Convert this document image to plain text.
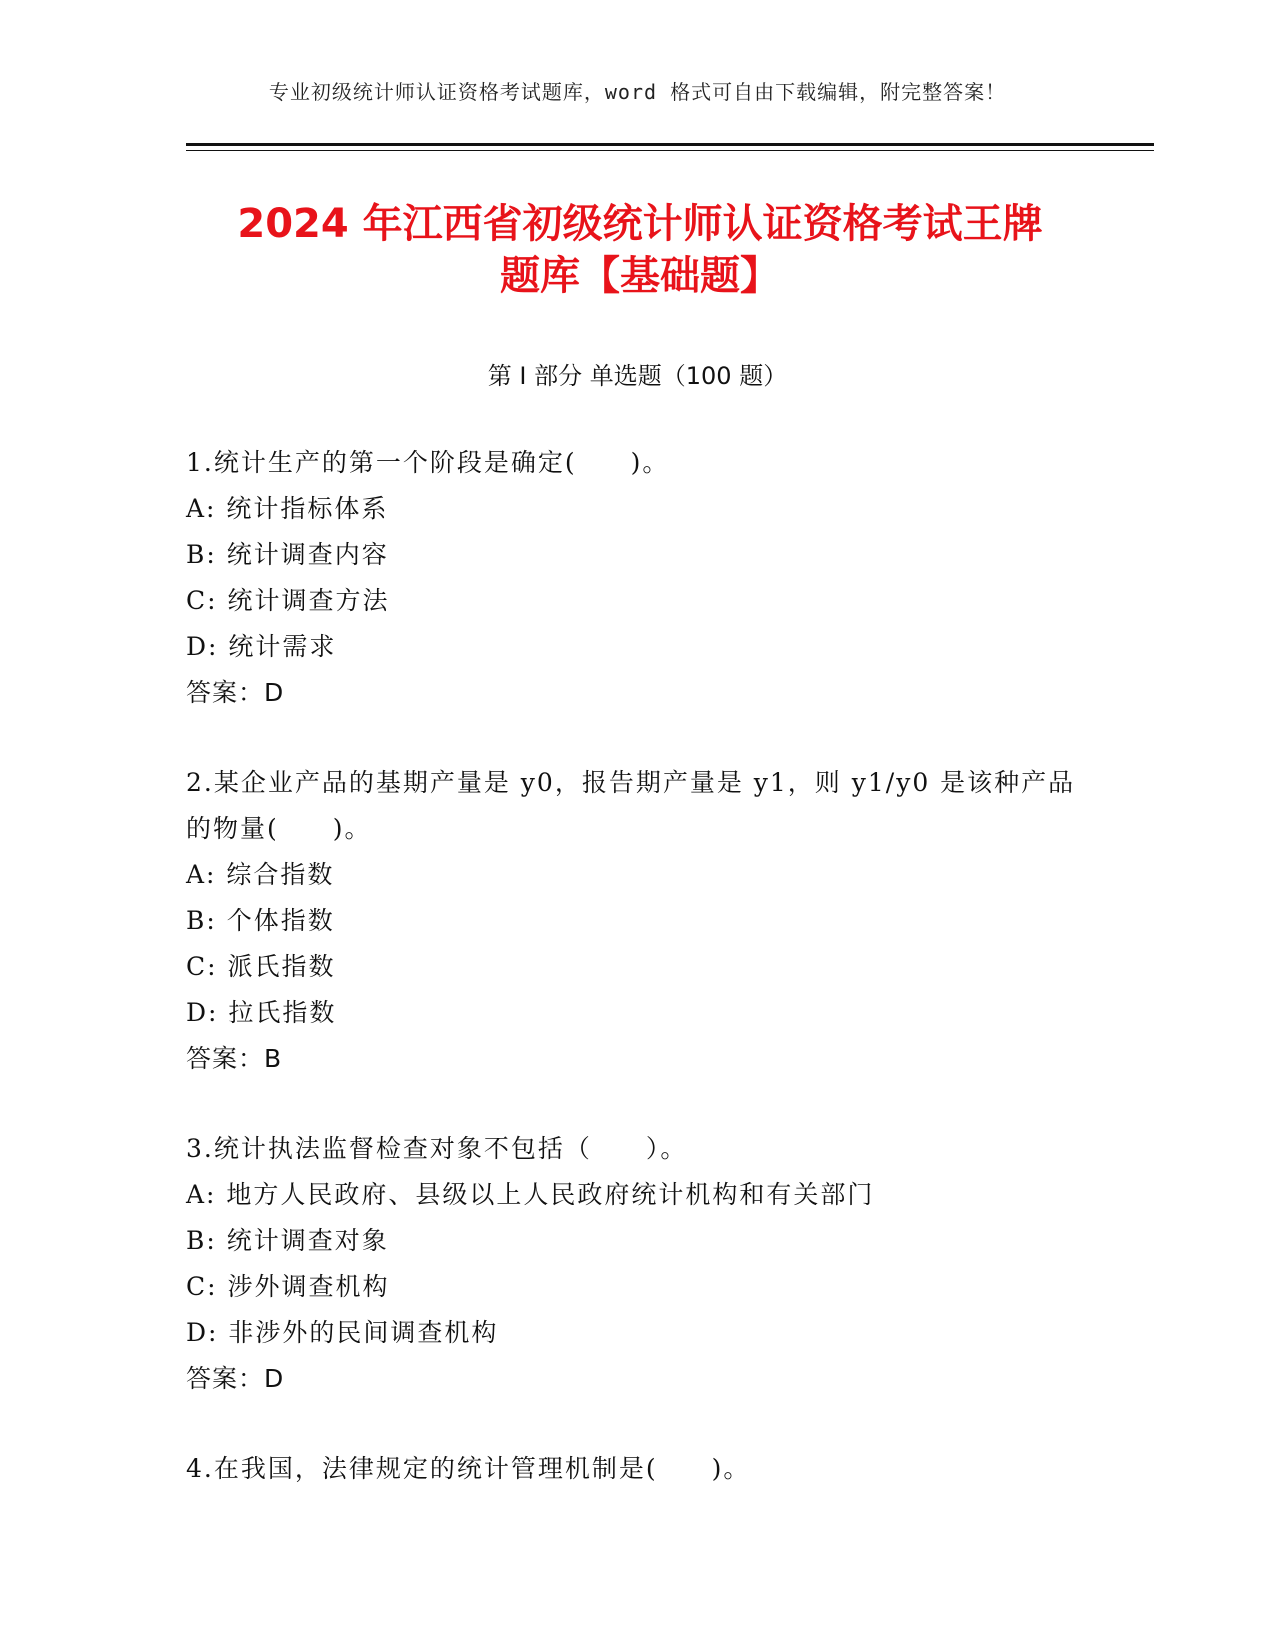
专业初级统计师认证资格考试题库，word 格式可自由下载编辑，附完整答案！
2024 年江西省初级统计师认证资格考试王牌
题库【基础题】
第 I 部分 单选题（100 题）
1.统计生产的第一个阶段是确定(　　)。
A: 统计指标体系
B: 统计调查内容
C: 统计调查方法
D: 统计需求
答案：D
2.某企业产品的基期产量是 y0，报告期产量是 y1，则 y1/y0 是该种产品的物量(　　)。
A: 综合指数
B: 个体指数
C: 派氏指数
D: 拉氏指数
答案：B
3.统计执法监督检查对象不包括（　　）。
A: 地方人民政府、县级以上人民政府统计机构和有关部门
B: 统计调查对象
C: 涉外调查机构
D: 非涉外的民间调查机构
答案：D
4.在我国，法律规定的统计管理机制是(　　)。
